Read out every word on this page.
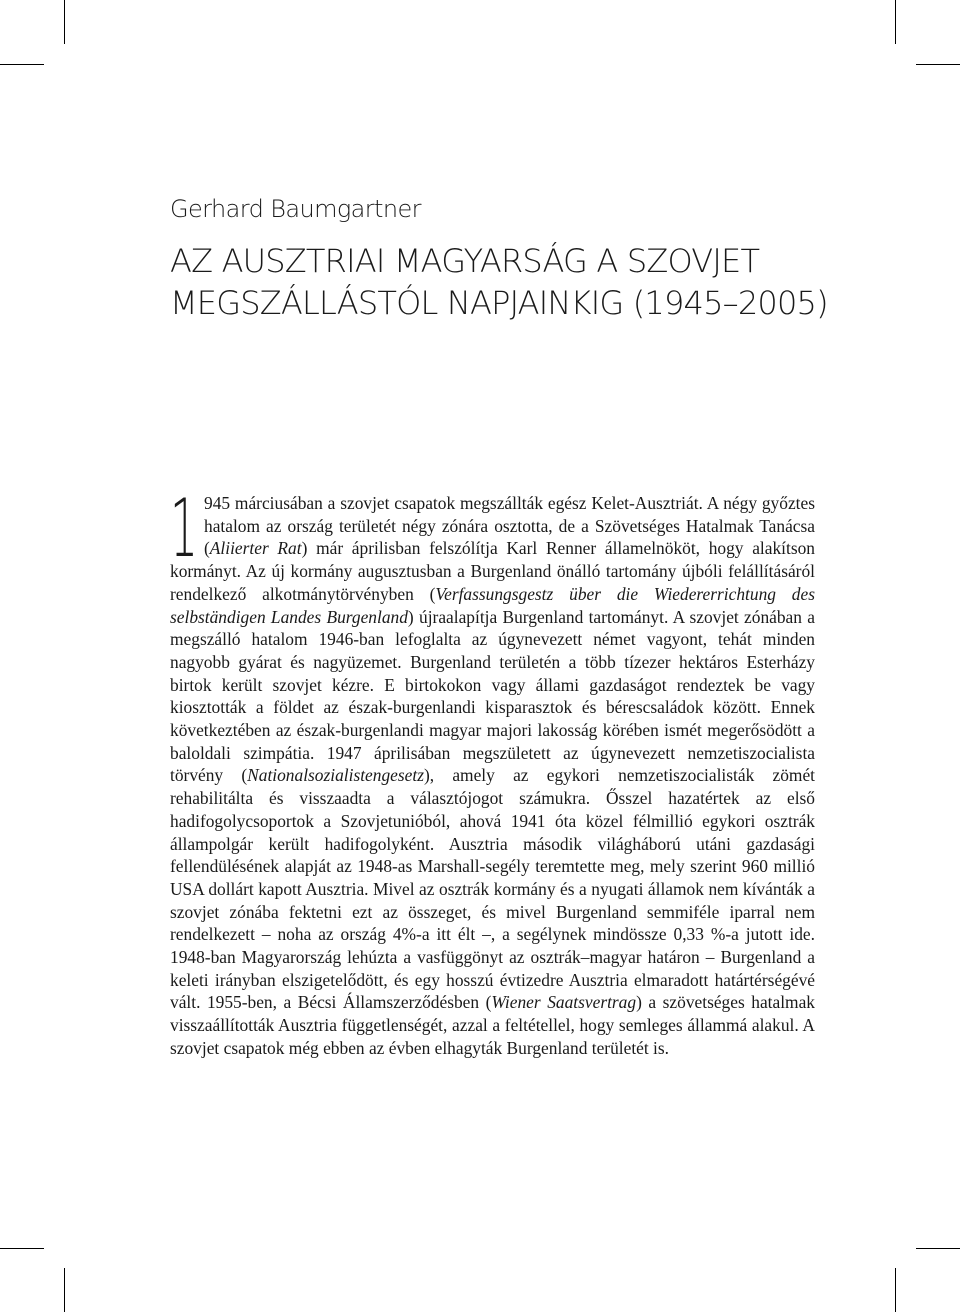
Gerhard Baumgartner
AZ AUSZTRIAI MAGYARSÁG A SZOVJET
MEGSZÁLLÁSTÓL NAPJAINKIG (1945–2005)

1 945 márciusában a szovjet csapatok megszállták egész Kelet-Ausztriát. A négy győztes hatalom az ország területét négy zónára osztotta, de a Szövetséges Hatalmak Tanácsa (Aliierter Rat) már áprilisban felszólítja Karl Renner államelnököt, hogy alakítson kormányt. Az új kormány augusztusban a Burgenland önálló tartomány újbóli felállításáról rendelkező alkotmánytörvényben (Verfassungsgestz über die Wiedererrichtung des selbständigen Landes Burgenland) újraalapítja Burgenland tartományt. A szovjet zónában a megszálló hatalom 1946-ban lefoglalta az úgynevezett német vagyont, tehát minden nagyobb gyárat és nagyüzemet. Burgenland területén a több tízezer hektáros Esterházy birtok került szovjet kézre. E birtokokon vagy állami gazdaságot rendeztek be vagy kiosztották a földet az észak-burgenlandi kisparasztok és bérescsaládok között. Ennek következtében az észak-burgenlandi magyar majori lakosság körében ismét megerősödött a baloldali szimpátia. 1947 áprilisában megszületett az úgynevezett nemzetiszocialista törvény (Nationalsozialistengesetz), amely az egykori nemzetiszocialisták zömét rehabilitálta és visszaadta a választójogot számukra. Ősszel hazatértek az első hadifogolycsoportok a Szovjetunióból, ahová 1941 óta közel félmillió egykori osztrák állampolgár került hadifogolyként. Ausztria második világháború utáni gazdasági fellendülésének alapját az 1948-as Marshall-segély teremtette meg, mely szerint 960 millió USA dollárt kapott Ausztria. Mivel az osztrák kormány és a nyugati államok nem kívánták a szovjet zónába fektetni ezt az összeget, és mivel Burgenland semmiféle iparral nem rendelkezett – noha az ország 4%-a itt élt –, a segélynek mindössze 0,33 %-a jutott ide. 1948-ban Magyarország lehúzta a vasfüggönyt az osztrák–magyar határon – Burgenland a keleti irányban elszigetelődött, és egy hosszú évtizedre Ausztria elmaradott határtérségévé vált. 1955-ben, a Bécsi Államszerződésben (Wiener Saatsvertrag) a szövetséges hatalmak visszaállították Ausztria függetlenségét, azzal a feltétellel, hogy semleges állammá alakul. A szovjet csapatok még ebben az évben elhagyták Burgenland területét is.
